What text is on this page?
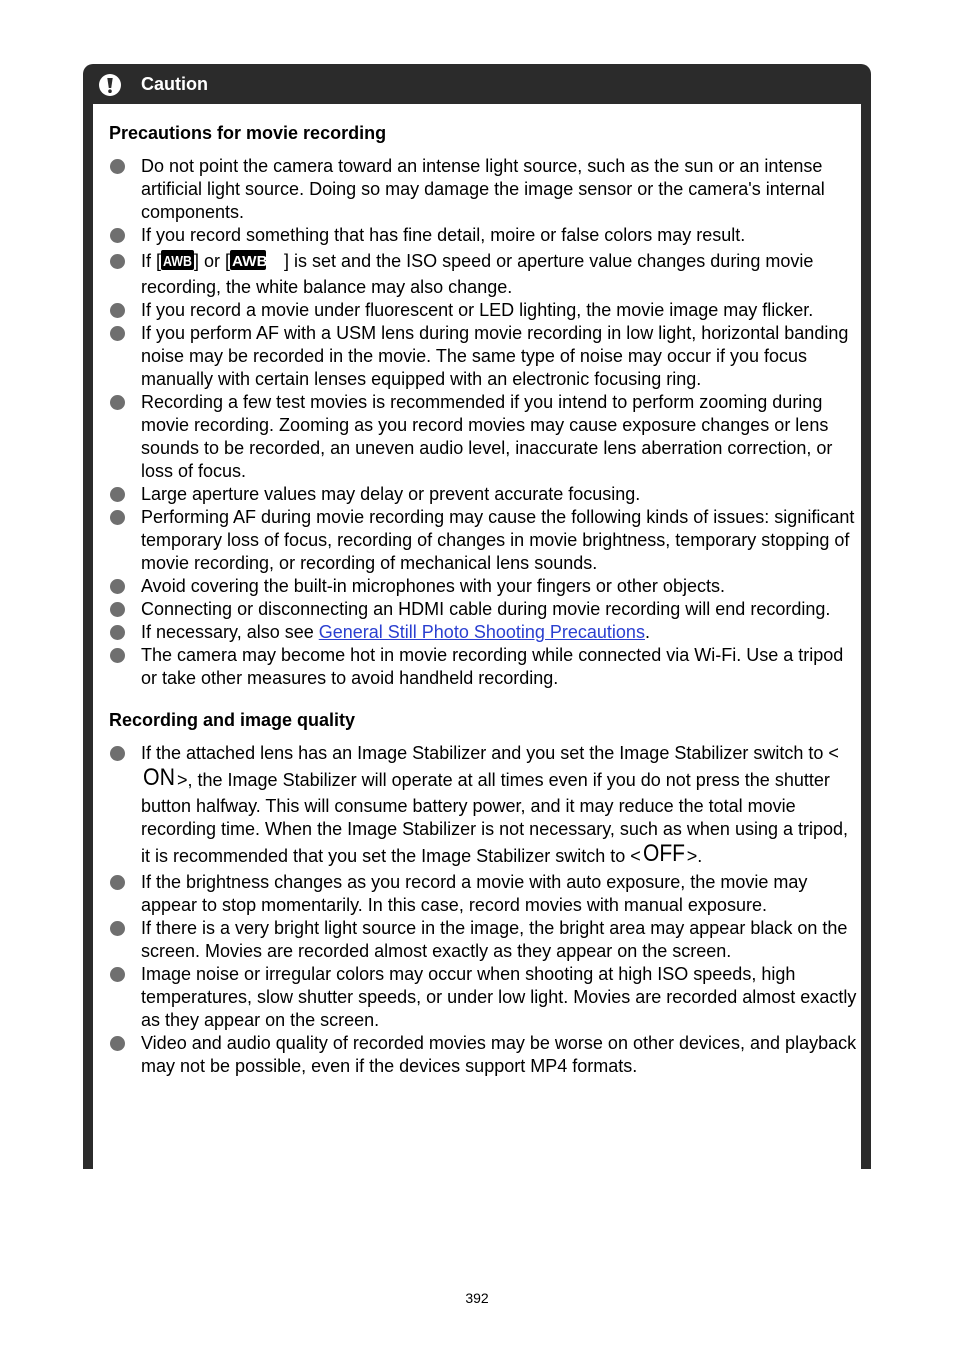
Caution
Precautions for movie recording
Do not point the camera toward an intense light source, such as the sun or an intense artificial light source. Doing so may damage the image sensor or the camera's internal components.
If you record something that has fine detail, moire or false colors may result.
If [ AWB ] or [ AWBW ] is set and the ISO speed or aperture value changes during movie recording, the white balance may also change.
If you record a movie under fluorescent or LED lighting, the movie image may flicker.
If you perform AF with a USM lens during movie recording in low light, horizontal banding noise may be recorded in the movie. The same type of noise may occur if you focus manually with certain lenses equipped with an electronic focusing ring.
Recording a few test movies is recommended if you intend to perform zooming during movie recording. Zooming as you record movies may cause exposure changes or lens sounds to be recorded, an uneven audio level, inaccurate lens aberration correction, or loss of focus.
Large aperture values may delay or prevent accurate focusing.
Performing AF during movie recording may cause the following kinds of issues: significant temporary loss of focus, recording of changes in movie brightness, temporary stopping of movie recording, or recording of mechanical lens sounds.
Avoid covering the built-in microphones with your fingers or other objects.
Connecting or disconnecting an HDMI cable during movie recording will end recording.
If necessary, also see General Still Photo Shooting Precautions.
The camera may become hot in movie recording while connected via Wi-Fi. Use a tripod or take other measures to avoid handheld recording.
Recording and image quality
If the attached lens has an Image Stabilizer and you set the Image Stabilizer switch to <
ON >, the Image Stabilizer will operate at all times even if you do not press the shutter button halfway. This will consume battery power, and it may reduce the total movie recording time. When the Image Stabilizer is not necessary, such as when using a tripod, it is recommended that you set the Image Stabilizer switch to < OFF >.
If the brightness changes as you record a movie with auto exposure, the movie may appear to stop momentarily. In this case, record movies with manual exposure.
If there is a very bright light source in the image, the bright area may appear black on the screen. Movies are recorded almost exactly as they appear on the screen.
Image noise or irregular colors may occur when shooting at high ISO speeds, high temperatures, slow shutter speeds, or under low light. Movies are recorded almost exactly as they appear on the screen.
Video and audio quality of recorded movies may be worse on other devices, and playback may not be possible, even if the devices support MP4 formats.
392
